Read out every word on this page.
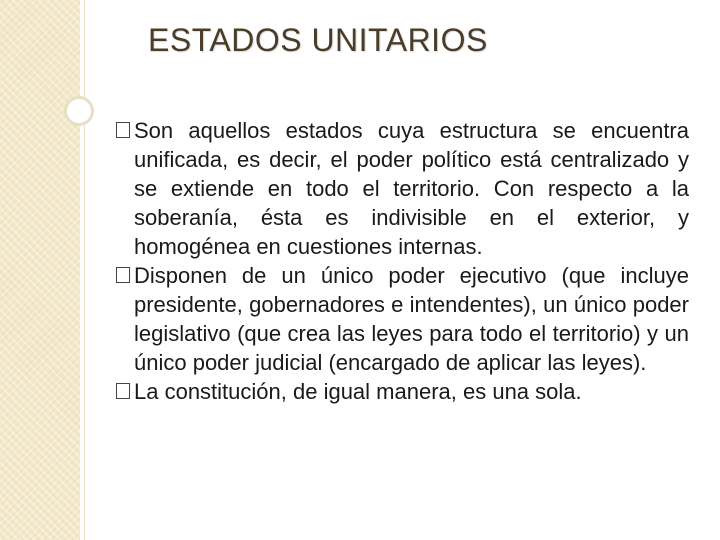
ESTADOS UNITARIOS
Son aquellos estados cuya estructura se encuentra unificada, es decir, el poder político está centralizado y se extiende en todo el territorio. Con respecto a la soberanía, ésta es indivisible en el exterior, y homogénea en cuestiones internas.
Disponen de un único poder ejecutivo (que incluye presidente, gobernadores e intendentes), un único poder legislativo (que crea las leyes para todo el territorio) y un único poder judicial (encargado de aplicar las leyes).
La constitución, de igual manera, es una sola.
